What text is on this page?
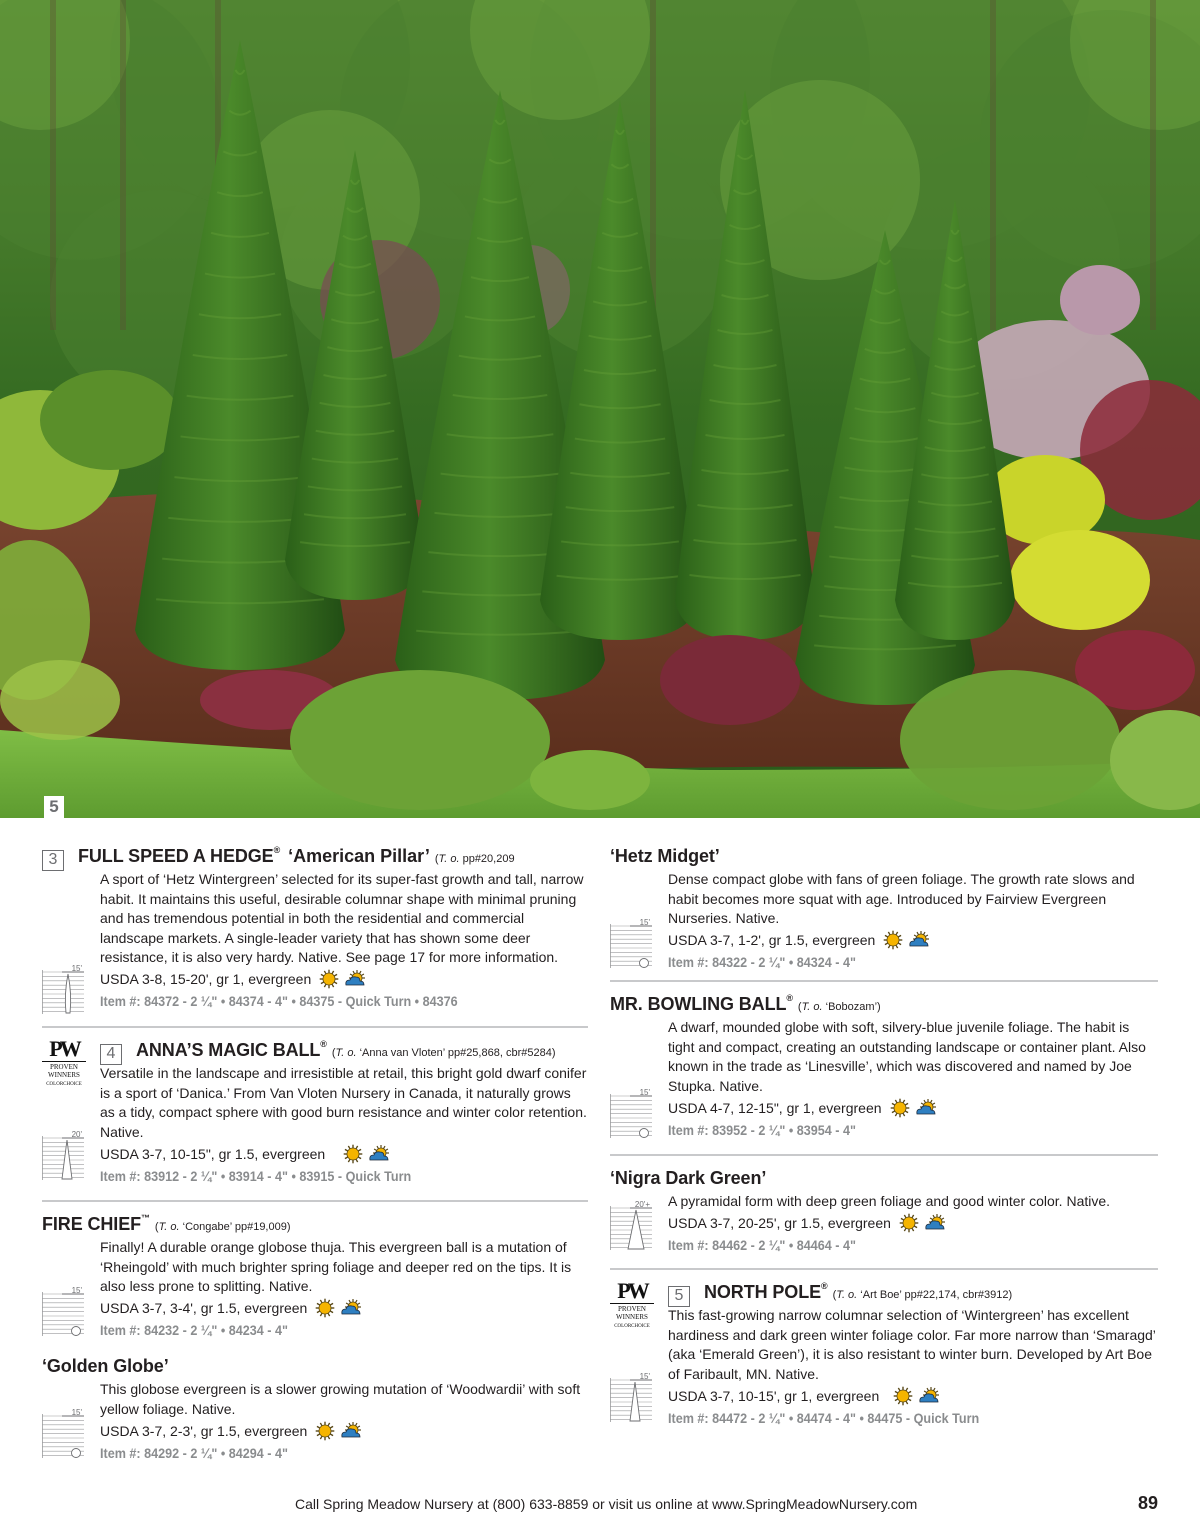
5
3	FULL SPEED A HEDGE® ‘American Pillar’ (T. o. pp#20,209
A sport of ‘Hetz Wintergreen’ selected for its super-fast growth and tall, narrow habit. It maintains this useful, desirable columnar shape with minimal pruning and has tremendous potential in both the residential and commercial landscape markets. A single-leader variety that has shown some deer resistance, it is also very hardy. Native. See page 17 for more information.
USDA 3-8, 15-20', gr 1, evergreen
Item #: 84372 - 2 ¼" • 84374 - 4" • 84375 - Quick Turn • 84376
15'
PW
PROVEN WINNERS
COLORCHOICE
4	ANNA’S MAGIC BALL®
(T. o. ‘Anna van Vloten’ pp#25,868, cbr#5284)
Versatile in the landscape and irresistible at retail, this bright gold dwarf conifer is a sport of ‘Danica.’ From Van Vloten Nursery in Canada, it naturally grows as a tidy, compact sphere with good burn resistance and winter color retention. Native.
USDA 3-7, 10-15", gr 1.5, evergreen
Item #: 83912 - 2 ¼" • 83914 - 4" • 83915 - Quick Turn
20'
FIRE CHIEF™
(T. o. ‘Congabe’ pp#19,009)
Finally! A durable orange globose thuja. This evergreen ball is a mutation of ‘Rheingold’ with much brighter spring foliage and deeper red on the tips. It is also less prone to splitting. Native.
USDA 3-7, 3-4', gr 1.5, evergreen
Item #: 84232 - 2 ¼" • 84234 - 4"
15'
‘Golden Globe’
This globose evergreen is a slower growing mutation of ‘Woodwardii’ with soft yellow foliage. Native.
USDA 3-7, 2-3', gr 1.5, evergreen
Item #: 84292 - 2 ¼" • 84294 - 4"
15'
‘Hetz Midget’
Dense compact globe with fans of green foliage. The growth rate slows and habit becomes more squat with age. Introduced by Fairview Evergreen Nurseries. Native.
USDA 3-7, 1-2', gr 1.5, evergreen
Item #: 84322 - 2 ¼" • 84324 - 4"
15'
MR. BOWLING BALL®
(T. o. ‘Bobozam’)
A dwarf, mounded globe with soft, silvery-blue juvenile foliage. The habit is tight and compact, creating an outstanding landscape or container plant. Also known in the trade as ‘Linesville’, which was discovered and named by Joe Stupka. Native.
USDA 4-7, 12-15", gr 1, evergreen
Item #: 83952 - 2 ¼" • 83954 - 4"
15'
‘Nigra Dark Green’
A pyramidal form with deep green foliage and good winter color. Native.
USDA 3-7, 20-25', gr 1.5, evergreen
Item #: 84462 - 2 ¼" • 84464 - 4"
20'+
PW
PROVEN WINNERS
COLORCHOICE
5	NORTH POLE®
(T. o. ‘Art Boe’ pp#22,174, cbr#3912)
This fast-growing narrow columnar selection of ‘Wintergreen’ has excellent hardiness and dark green winter foliage color. Far more narrow than ‘Smaragd’ (aka ‘Emerald Green’), it is also resistant to winter burn. Developed by Art Boe of Faribault, MN. Native.
USDA 3-7, 10-15', gr 1, evergreen
Item #: 84472 - 2 ¼" • 84474 - 4" • 84475 - Quick Turn
15'
Call Spring Meadow Nursery at (800) 633-8859 or visit us online at www.SpringMeadowNursery.com	89
